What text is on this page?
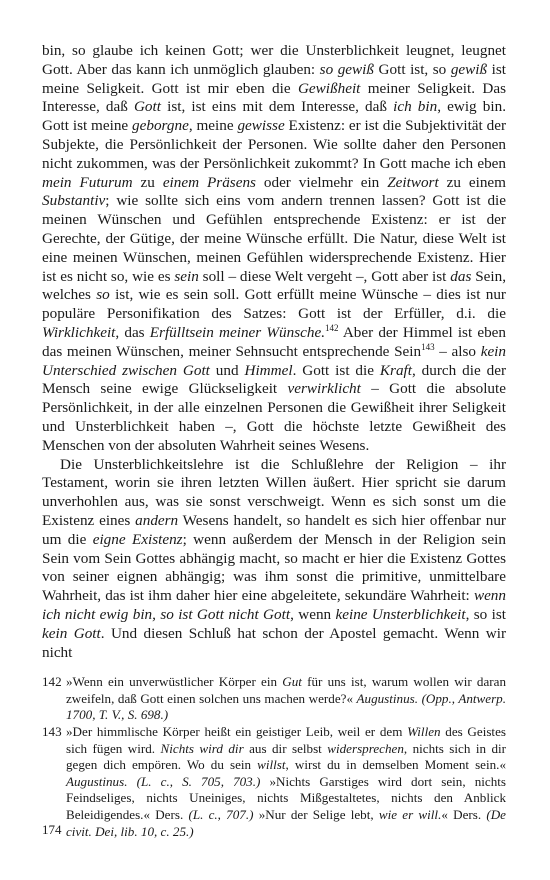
bin, so glaube ich keinen Gott; wer die Unsterblichkeit leugnet, leugnet Gott. Aber das kann ich unmöglich glauben: so gewiß Gott ist, so gewiß ist meine Seligkeit. Gott ist mir eben die Gewißheit meiner Seligkeit. Das Interesse, daß Gott ist, ist eins mit dem Interesse, daß ich bin, ewig bin. Gott ist meine geborgne, meine gewisse Existenz: er ist die Subjektivität der Subjekte, die Persönlichkeit der Personen. Wie sollte daher den Personen nicht zukommen, was der Persönlichkeit zukommt? In Gott mache ich eben mein Futurum zu einem Präsens oder vielmehr ein Zeitwort zu einem Substantiv; wie sollte sich eins vom andern trennen lassen? Gott ist die meinen Wünschen und Gefühlen entsprechende Existenz: er ist der Gerechte, der Gütige, der meine Wünsche erfüllt. Die Natur, diese Welt ist eine meinen Wünschen, meinen Gefühlen widersprechende Existenz. Hier ist es nicht so, wie es sein soll – diese Welt vergeht –, Gott aber ist das Sein, welches so ist, wie es sein soll. Gott erfüllt meine Wünsche – dies ist nur populäre Personifikation des Satzes: Gott ist der Erfüller, d.i. die Wirklichkeit, das Erfülltsein meiner Wünsche.$^{142}$ Aber der Himmel ist eben das meinen Wünschen, meiner Sehnsucht entsprechende Sein$^{143}$ – also kein Unterschied zwischen Gott und Himmel. Gott ist die Kraft, durch die der Mensch seine ewige Glückseligkeit verwirklicht – Gott die absolute Persönlichkeit, in der alle einzelnen Personen die Gewißheit ihrer Seligkeit und Unsterblichkeit haben –, Gott die höchste letzte Gewißheit des Menschen von der absoluten Wahrheit seines Wesens.

Die Unsterblichkeitslehre ist die Schlußlehre der Religion – ihr Testament, worin sie ihren letzten Willen äußert. Hier spricht sie darum unverhohlen aus, was sie sonst verschweigt. Wenn es sich sonst um die Existenz eines andern Wesens handelt, so handelt es sich hier offenbar nur um die eigne Existenz; wenn außerdem der Mensch in der Religion sein Sein vom Sein Gottes abhängig macht, so macht er hier die Existenz Gottes von seiner eignen abhängig; was ihm sonst die primitive, unmittelbare Wahrheit, das ist ihm daher hier eine abgeleitete, sekundäre Wahrheit: wenn ich nicht ewig bin, so ist Gott nicht Gott, wenn keine Unsterblichkeit, so ist kein Gott. Und diesen Schluß hat schon der Apostel gemacht. Wenn wir nicht

142 »Wenn ein unverwüstlicher Körper ein Gut für uns ist, warum wollen wir daran zweifeln, daß Gott einen solchen uns machen werde?« Augustinus. (Opp., Antwerp. 1700, T. V., S. 698.)
143 »Der himmlische Körper heißt ein geistiger Leib, weil er dem Willen des Geistes sich fügen wird. Nichts wird dir aus dir selbst widersprechen, nichts sich in dir gegen dich empören. Wo du sein willst, wirst du in demselben Moment sein.« Augustinus. (L. c., S. 705, 703.) »Nichts Garstiges wird dort sein, nichts Feindseliges, nichts Uneiniges, nichts Mißgestaltetes, nichts den Anblick Beleidigendes.« Ders. (L. c., 707.) »Nur der Selige lebt, wie er will.« Ders. (De civit. Dei, lib. 10, c. 25.)
174
